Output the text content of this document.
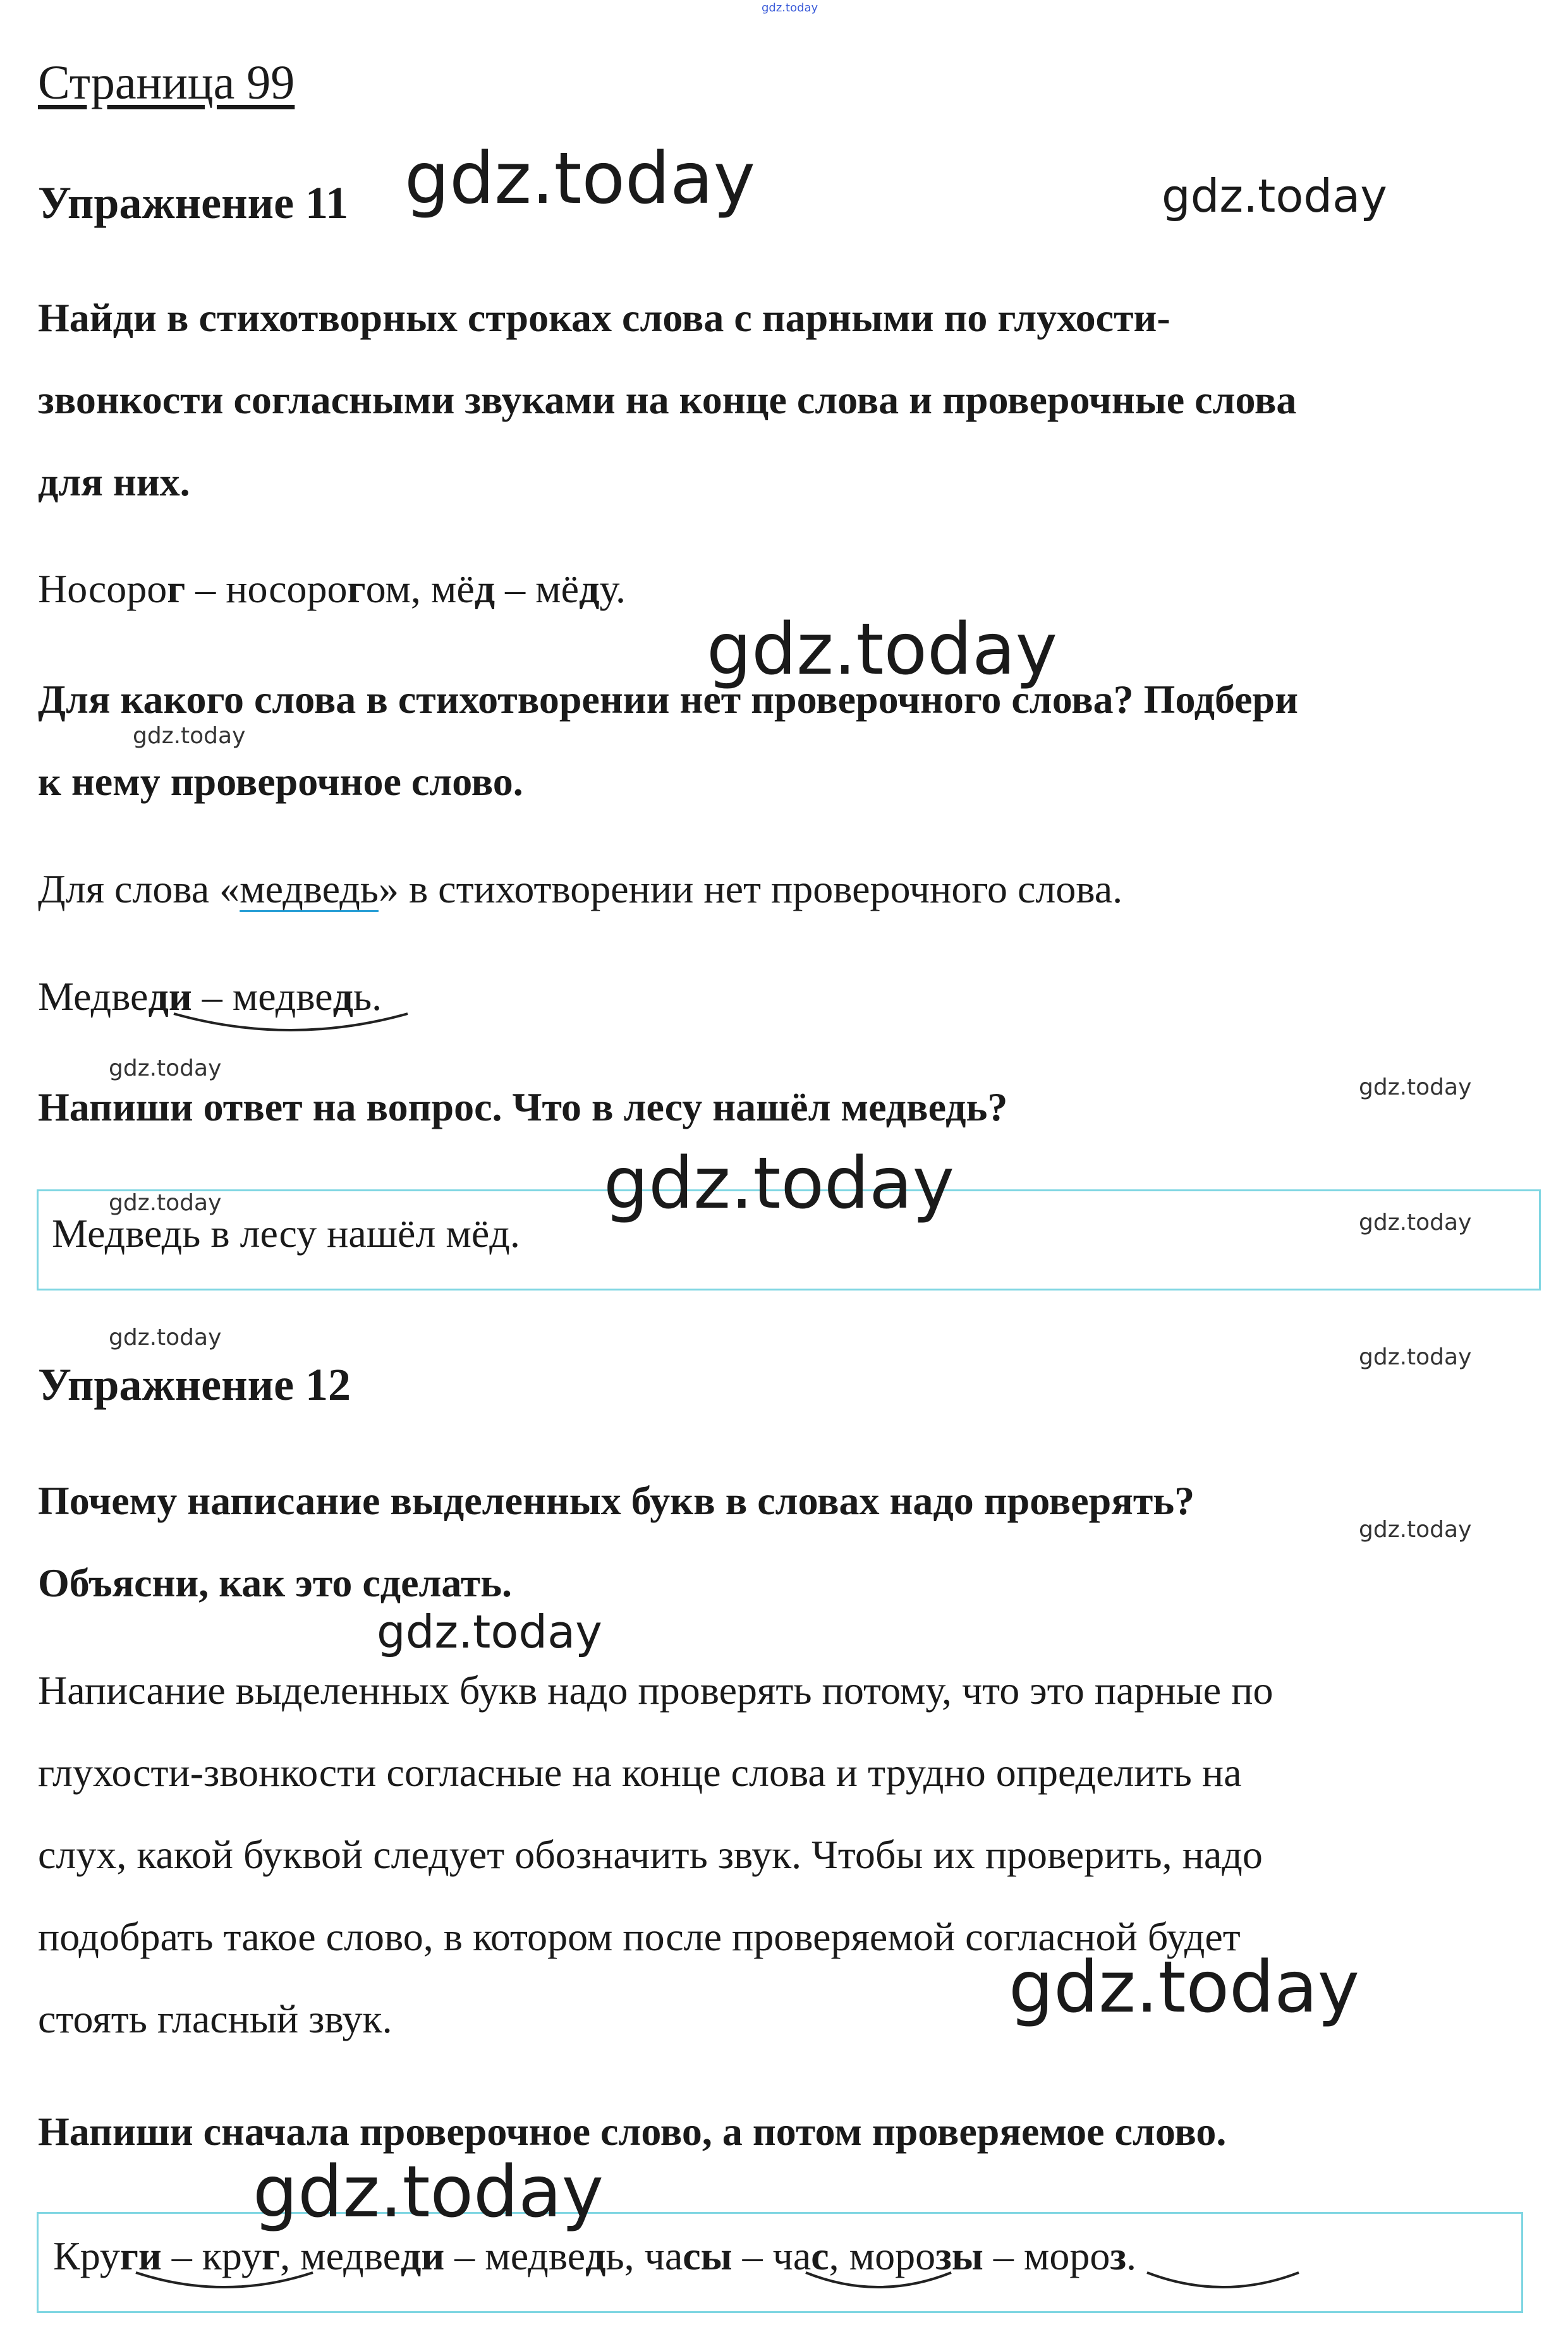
gdz.today
Страница 99
Упражнение 11 gdz.today	gdz.today
Найди в стихотворных строках слова с парными по глухости-
звонкости согласными звуками на конце слова и проверочные слова
для них.
Носорог – носорогом, мёд – мёду.
gdz.today
Для какого слова в стихотворении нет проверочного слова? Подбери
gdz.today
к нему проверочное слово.
Для слова «медведь» в стихотворении нет проверочного слова.
Медведи – медведь.
gdz.today
gdz.today
Напиши ответ на вопрос. Что в лесу нашёл медведь?
gdz.today
gdz.today
gdz.today
Медведь в лесу нашёл мёд.
gdz.today
gdz.today
Упражнение 12
Почему написание выделенных букв в словах надо проверять?
gdz.today
Объясни, как это сделать.
gdz.today
Написание выделенных букв надо проверять потому, что это парные по
глухости-звонкости согласные на конце слова и трудно определить на
слух, какой буквой следует обозначить звук. Чтобы их проверить, надо
подобрать такое слово, в котором после проверяемой согласной будет
стоять гласный звук.	gdz.today
Напиши сначала проверочное слово, а потом проверяемое слово.
gdz.today
Круги – круг, медведи – медведь, часы – час, морозы – мороз.
